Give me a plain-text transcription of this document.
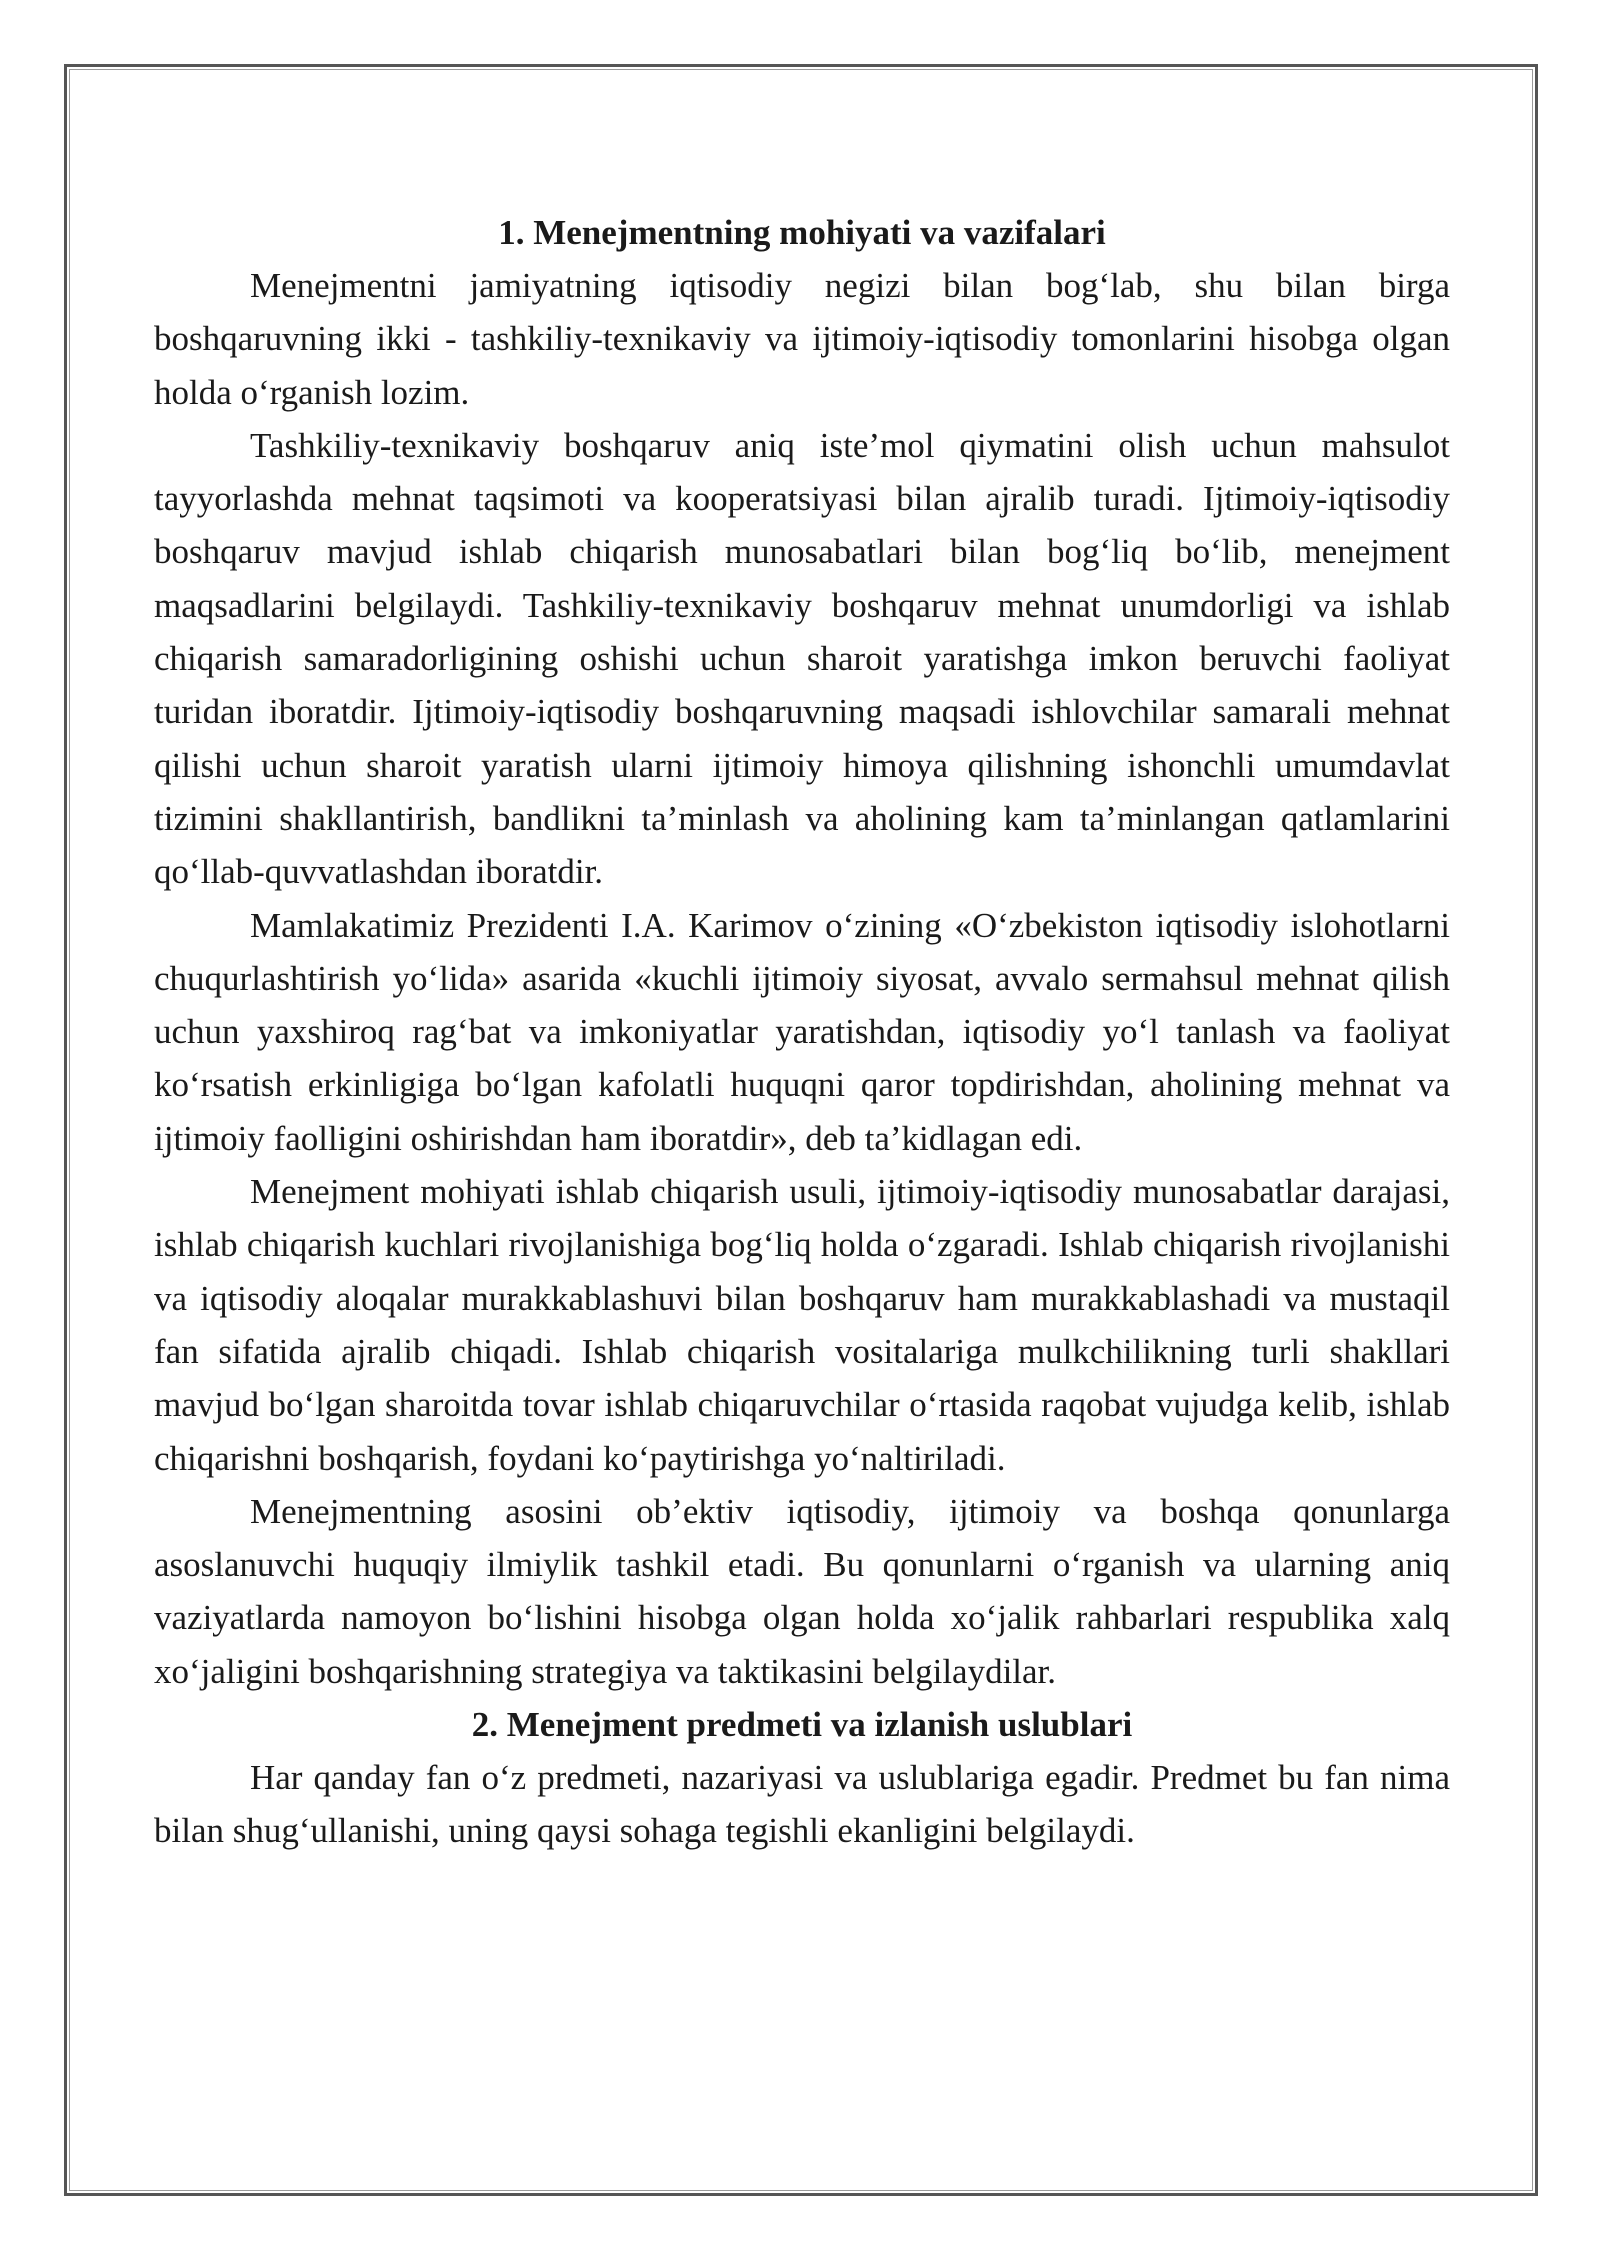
1. Menejmentning mohiyati va vazifalari

Menejmentni jamiyatning iqtisodiy negizi bilan bog‘lab, shu bilan birga boshqaruvning ikki - tashkiliy-texnikaviy va ijtimoiy-iqtisodiy tomonlarini hisobga olgan holda o‘rganish lozim.

Tashkiliy-texnikaviy boshqaruv aniq iste’mol qiymatini olish uchun mahsulot tayyorlashda mehnat taqsimoti va kooperatsiyasi bilan ajralib turadi. Ijtimoiy-iqtisodiy boshqaruv mavjud ishlab chiqarish munosabatlari bilan bog‘liq bo‘lib, menejment maqsadlarini belgilaydi. Tashkiliy-texnikaviy boshqaruv mehnat unumdorligi va ishlab chiqarish samaradorligining oshishi uchun sharoit yaratishga imkon beruvchi faoliyat turidan iboratdir. Ijtimoiy-iqtisodiy boshqaruvning maqsadi ishlovchilar samarali mehnat qilishi uchun sharoit yaratish ularni ijtimoiy himoya qilishning ishonchli umumdavlat tizimini shakllantirish, bandlikni ta’minlash va aholining kam ta’minlangan qatlamlarini qo‘llab-quvvatlashdan iboratdir.

Mamlakatimiz Prezidenti I.A. Karimov o‘zining «O‘zbekiston iqtisodiy islohotlarni chuqurlashtirish yo‘lida» asarida «kuchli ijtimoiy siyosat, avvalo sermahsul mehnat qilish uchun yaxshiroq rag‘bat va imkoniyatlar yaratishdan, iqtisodiy yo‘l tanlash va faoliyat ko‘rsatish erkinligiga bo‘lgan kafolatli huquqni qaror topdirishdan, aholining mehnat va ijtimoiy faolligini oshirishdan ham iboratdir», deb ta’kidlagan edi.

Menejment mohiyati ishlab chiqarish usuli, ijtimoiy-iqtisodiy munosabatlar darajasi, ishlab chiqarish kuchlari rivojlanishiga bog‘liq holda o‘zgaradi. Ishlab chiqarish rivojlanishi va iqtisodiy aloqalar murakkablashuvi bilan boshqaruv ham murakkablashadi va mustaqil fan sifatida ajralib chiqadi. Ishlab chiqarish vositalariga mulkchilikning turli shakllari mavjud bo‘lgan sharoitda tovar ishlab chiqaruvchilar o‘rtasida raqobat vujudga kelib, ishlab chiqarishni boshqarish, foydani ko‘paytirishga yo‘naltiriladi.

Menejmentning asosini ob’ektiv iqtisodiy, ijtimoiy va boshqa qonunlarga asoslanuvchi huquqiy ilmiylik tashkil etadi. Bu qonunlarni o‘rganish va ularning aniq vaziyatlarda namoyon bo‘lishini hisobga olgan holda xo‘jalik rahbarlari respublika xalq xo‘jaligini boshqarishning strategiya va taktikasini belgilaydilar.

2. Menejment predmeti va izlanish uslublari

Har qanday fan o‘z predmeti, nazariyasi va uslublariga egadir. Predmet bu fan nima bilan shug‘ullanishi, uning qaysi sohaga tegishli ekanligini belgilaydi.
